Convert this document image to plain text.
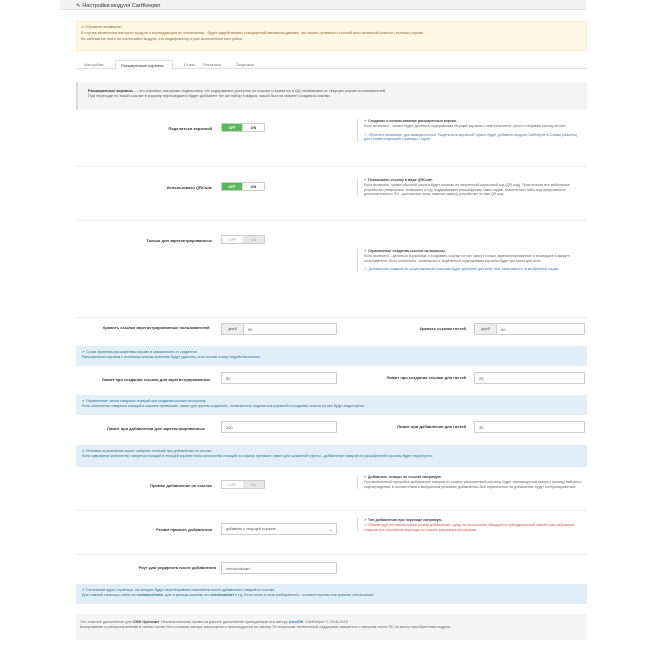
✎ Настройки модуля CartKeeper
⚠Обратите внимание!
В случае включения настроек модуля и последующем их отключении - будет задействован стандартный механизм движка, что может привести к полной или частичной очистке гостевых корзин.
Во избежание этого не отключайте модуль, его модификатор и уже включенные настройки.
Настройки	Расширенные корзины	Стиль Рассылка	Лицензия
Расширенные корзины — это корзины, которыми поделились. Их содержимое доступно по ссылке и хранится в БД независимо от текущих корзин пользователей.
При переходе по такой ссылке в корзину перешедшего будет добавлен тот же набор товаров, какой был на момент создания ссылки.
Поделиться корзиной	OFF	ON
✔Создание и использование расширенных корзин.
Если включено - можно будет делиться содержимым текущей корзины с кем пожелаете, просто отправив ссылку на нее.
ⓘОбратите внимание, для вывода кнопки "Поделиться корзиной" нужно будет добавить модуль CartKeeper в Схемы (Макеты) для соответствующей страницы / групп.
Использовать QRCode	OFF	ON
✔Показывать ссылку в виде QRCode.
Если включено, кроме обычной ссылки будет показан ее матричный штриховой код (QR-код). Практически все мобильные устройства (смартфоны, планшеты и т.д) поддерживают расшифровку таких кодов, значительно либо под представлено дополнительного ПО - достаточно лишь навести камеру устройства на сам QR-код.
Только для зарегистрированных	OFF	ON
✔Ограничение создания ссылок на корзины.
Если включено - делиться корзинами и создавать ссылки на них смогут только зарегистрированные и вошедшие в аккаунт пользователи. Если отключено - возможность поделиться содержимым корзины будет доступна для всех.
ⓘДобавление товаров по существующим ссылкам будет доступно для всех, вне зависимости от выбранной опции.
Хранить ссылки зарегистрированных пользователей	дней	90	Хранить ссылки гостей	дней	60
✔Сроки хранения расширенных корзин в зависимости от создателя.
Расширенные корзины с истекшим сроком хранения будут удалены, а их ссылки станут недействительны.
Лимит при создании ссылки для зарегистрированных	50	Лимит при создании ссылки для гостей	25
✔Ограничение числа товарных позиций при создании ссылки на корзину.
Если количество товарных позиций в корзине превышает лимит для группы создателя - возможность поделиться корзиной и создание ссылки на нее будут недоступны.
Лимит при добавлении для зарегистрированных	100	Лимит при добавлении для гостей	30
✔Итоговое ограничение числа товарных позиций при добавлении по ссылке.
Если суммарное количество товарных позиций в текущей корзине плюс количество позиций по ссылке превысит лимит для указанной группы - добавление товаров из расширенной корзины будет недоступно.
Прямое добавление по ссылке	OFF	ON
✔Добавлять товары по ссылке напрямую.
При включенной настройке добавление товаров по ссылке расширенной корзины будет производиться минуя страницу выбора и подтверждения, в соответствии с выбранным режимом добавления. Все ограничения на добавление будут контролироваться.
Режим прямого добавления	добавить к текущей корзине	⌄
✔Тип добавления при переходе напрямую.
⚠Рекомендуется использовать режим добавления - вряд ли посетителю обрадуется принудительной замене уже набранных товаров при случайном переходе по ссылке расширенной корзины.
Роут для редиректа после добавления	checkout/cart
✔Системный адрес страницы, на которую будет перенаправлен посетитель после добавления товаров по ссылке.
Для главной страницы сайта это common/home, для страницы корзины это checkout/cart и т.д. Если плохо в этом разбираетесь - оставьте пустым или укажите checkout/cart.
Это платное дополнение для CMS Opencart. Исключительные права на данное дополнение принадлежат его автору AlexDW. CartKeeper © 2018-2023
Копирование и распространение в любых целях без согласия автора запрещены и преследуются по закону. По вопросам технической поддержки свяжитесь с автором через ЛС по месту приобретения модуля.
